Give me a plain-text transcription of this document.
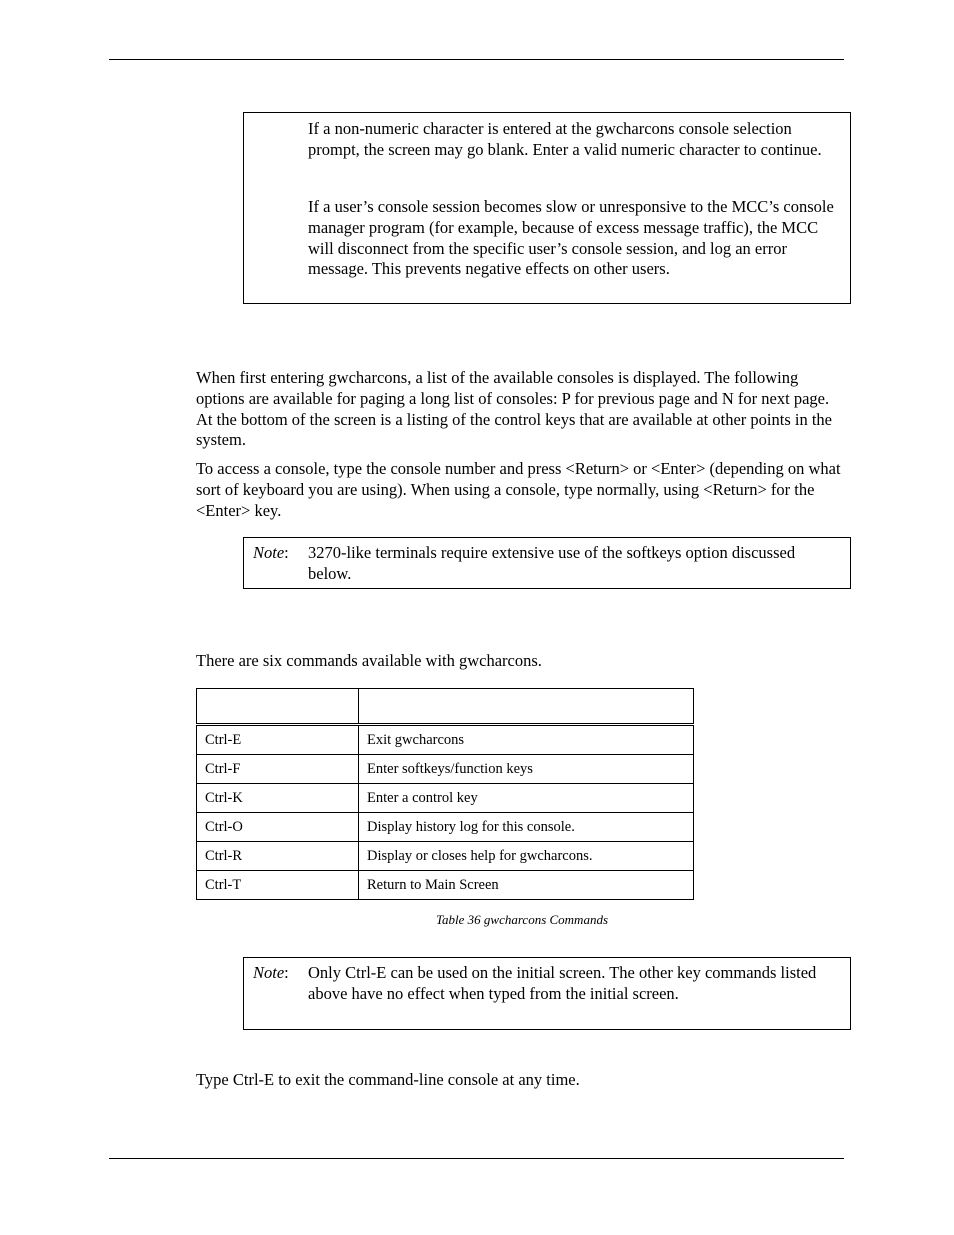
If a non-numeric character is entered at the gwcharcons console selection prompt, the screen may go blank. Enter a valid numeric character to continue.

If a user’s console session becomes slow or unresponsive to the MCC’s console manager program (for example, because of excess message traffic), the MCC will disconnect from the specific user’s console session, and log an error message. This prevents negative effects on other users.

When first entering gwcharcons, a list of the available consoles is displayed. The following options are available for paging a long list of consoles: P for previous page and N for next page. At the bottom of the screen is a listing of the control keys that are available at other points in the system.

To access a console, type the console number and press <Return> or <Enter> (depending on what sort of keyboard you are using). When using a console, type normally, using <Return> for the <Enter> key.

Note: 3270-like terminals require extensive use of the softkeys option discussed below.

There are six commands available with gwcharcons.

Ctrl-E	Exit gwcharcons
Ctrl-F	Enter softkeys/function keys
Ctrl-K	Enter a control key
Ctrl-O	Display history log for this console.
Ctrl-R	Display or closes help for gwcharcons.
Ctrl-T	Return to Main Screen
Table 36 gwcharcons Commands
Note: Only Ctrl-E can be used on the initial screen. The other key commands listed above have no effect when typed from the initial screen.

Type Ctrl-E to exit the command-line console at any time.
